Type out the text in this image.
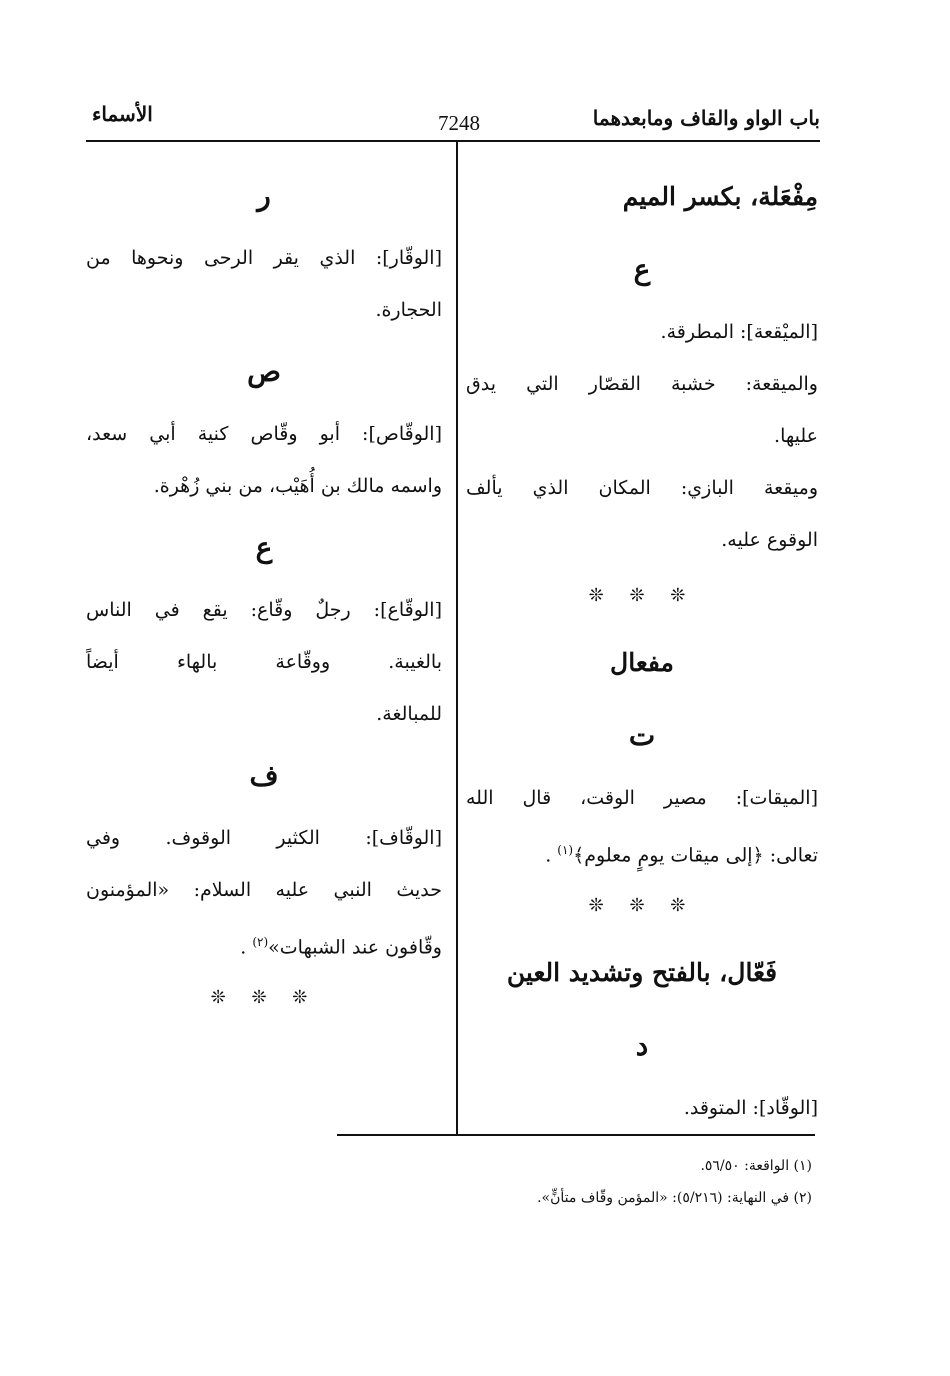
باب الواو والقاف ومابعدهما
7248
الأسماء
مِفْعَلة، بكسر الميم
ع
[الميْقعة]: المطرقة.
والميقعة: خشبة القصّار التي يدق
عليها.
وميقعة البازي: المكان الذي يألف
الوقوع عليه.
❊ ❊ ❊
مفعال
ت
[الميقات]: مصير الوقت، قال الله
تعالى: ﴿إلى ميقات يومٍ معلوم﴾$^{(١)}$ .
❊ ❊ ❊
فَعّال، بالفتح وتشديد العين
د
[الوقّاد]: المتوقد.
ر
[الوقّار]: الذي يقر الرحى ونحوها من
الحجارة.
ص
[الوقّاص]: أبو وقّاص كنية أبي سعد،
واسمه مالك بن أُهَيْب، من بني زُهْرة.
ع
[الوقّاع]: رجلٌ وقّاع: يقع في الناس
بالغيبة. ووقّاعة بالهاء أيضاً
للمبالغة.
ف
[الوقّاف]: الكثير الوقوف. وفي
حديث النبي عليه السلام: «المؤمنون
وقّافون عند الشبهات»$^{(٢)}$ .
❊ ❊ ❊
(١) الواقعة: ٥٦/٥٠.
(٢) في النهاية: (٥/٢١٦): «المؤمن وقّاف متأنٍّ».
